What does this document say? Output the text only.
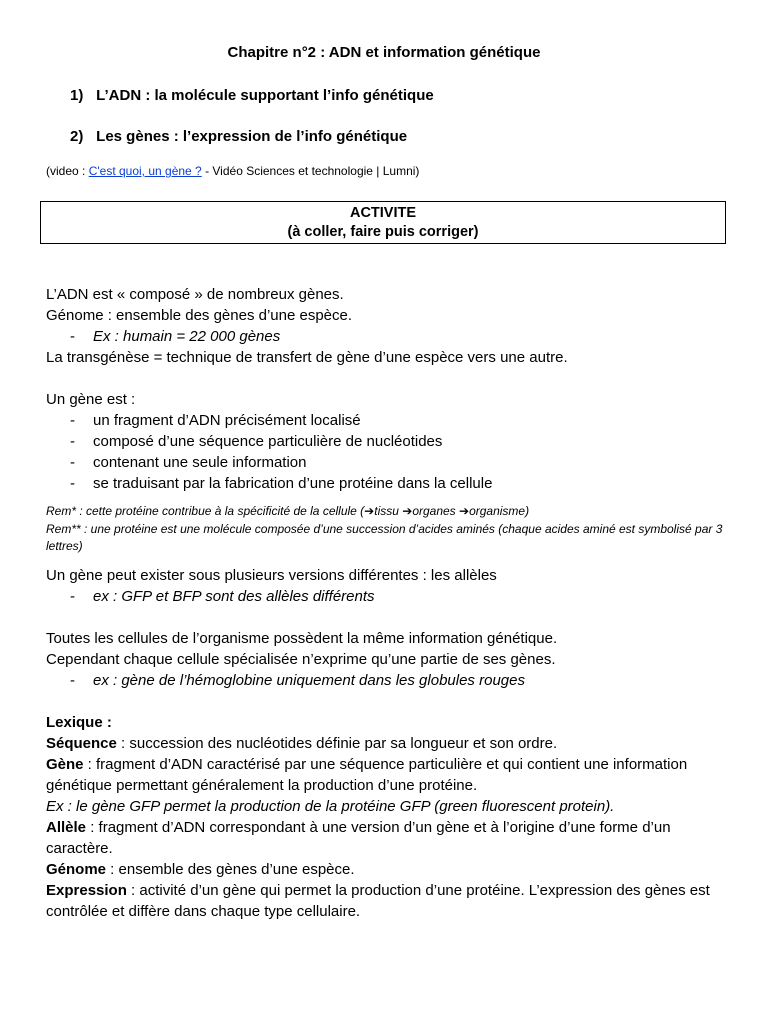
Chapitre n°2 : ADN et information génétique
1) L’ADN : la molécule supportant l’info génétique
2) Les gènes : l’expression de l’info génétique
(video : C'est quoi, un gène ? - Vidéo Sciences et technologie | Lumni)
ACTIVITE
(à coller, faire puis corriger)

L’ADN est « composé » de nombreux gènes.

Génome : ensemble des gènes d’une espèce.

- Ex : humain = 22 000 gènes

La transgénèse = technique de transfert de gène d’une espèce vers une autre.

Un gène est :

- un fragment d’ADN précisément localisé

- composé d’une séquence particulière de nucléotides

- contenant une seule information

- se traduisant par la fabrication d’une protéine dans la cellule

Rem* : cette protéine contribue à la spécificité de la cellule (➔tissu ➔organes ➔organisme)

Rem** : une protéine est une molécule composée d’une succession d’acides aminés (chaque acides aminé est symbolisé par 3 lettres)

Un gène peut exister sous plusieurs versions différentes : les allèles

- ex : GFP et BFP sont des allèles différents

Toutes les cellules de l’organisme possèdent la même information génétique.

Cependant chaque cellule spécialisée n’exprime qu’une partie de ses gènes.

- ex : gène de l’hémoglobine uniquement dans les globules rouges

Lexique :

Séquence : succession des nucléotides définie par sa longueur et son ordre.

Gène : fragment d’ADN caractérisé par une séquence particulière et qui contient une information génétique permettant généralement la production d’une protéine.

Ex : le gène GFP permet la production de la protéine GFP (green fluorescent protein).

Allèle : fragment d’ADN correspondant à une version d’un gène et à l’origine d’une forme d’un caractère.

Génome : ensemble des gènes d’une espèce.

Expression : activité d’un gène qui permet la production d’une protéine. L’expression des gènes est contrôlée et diffère dans chaque type cellulaire.
